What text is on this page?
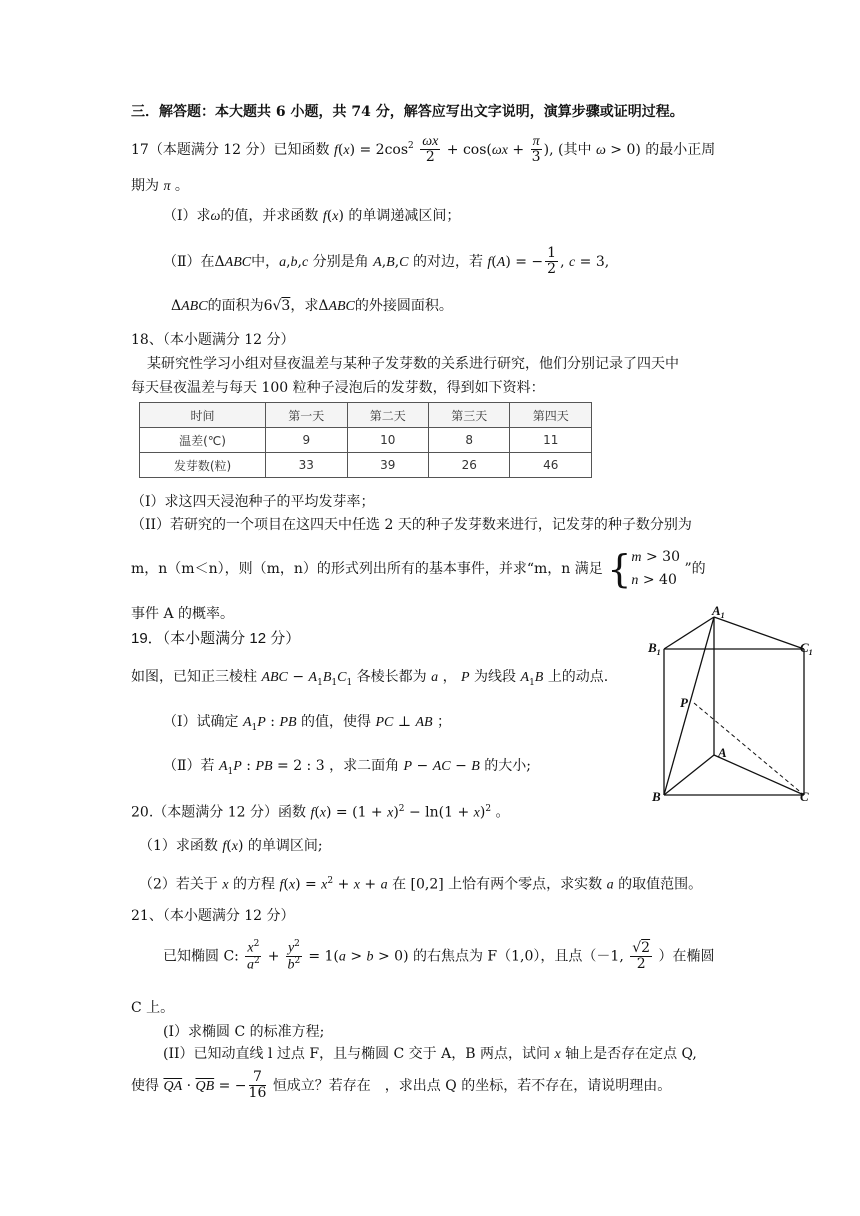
三．解答题：本大题共 6 小题，共 74 分，解答应写出文字说明，演算步骤或证明过程。
17（本题满分 12 分）已知函数 $f(x) = 2\cos^2 \frac{\omega x}{2} + \cos(\omega x + \frac{\pi}{3}$ ), (其中 ω > 0) 的最小正周
期为 π 。
（Ⅰ）求ω的值，并求函数 f(x) 的单调递减区间；
（Ⅱ）在ΔABC中，a,b,c 分别是角 A,B,C 的对边，若 f(A) = − $\frac{1}{2}$ , c = 3,
ΔABC的面积为6√3，求ΔABC的外接圆面积。
18、（本小题满分 12 分）
某研究性学习小组对昼夜温差与某种子发芽数的关系进行研究，他们分别记录了四天中
每天昼夜温差与每天 100 粒种子浸泡后的发芽数，得到如下资料：
时间	第一天	第二天	第三天	第四天
温差(℃)	9	10	8	11
发芽数(粒)	33	39	26	46
（I）求这四天浸泡种子的平均发芽率；
（II）若研究的一个项目在这四天中任选 2 天的种子发芽数来进行，记发芽的种子数分别为
m，n（m＜n），则（m，n）的形式列出所有的基本事件，并求“m，n 满足 {m > 30
n > 40 ”的
事件 A 的概率。
19．（本小题满分 12 分）
如图，已知正三棱柱 ABC − $A_1B_1C_1$ 各棱长都为 a ， P 为线段 $A_1B$ 上的动点.
（Ⅰ）试确定 $A_1P$ : PB 的值，使得 PC ⊥ AB ；
（Ⅱ）若 $A_1P$ : PB = 2 : 3 ，求二面角 P − AC − B 的大小;
$A_1$
$B_1$	$C_1$
P
A
B	C
20.（本题满分 12 分）函数 $f(x) = (1 + x)^2 - \ln(1 + x)^2$ 。
（1）求函数 f(x) 的单调区间;
（2）若关于 x 的方程 $f(x) = x^2 + x + a$ 在 [0,2] 上恰有两个零点，求实数 a 的取值范围。
21、（本小题满分 12 分）
已知椭圆 C: $\frac{x^2}{a^2} + \frac{y^2}{b^2} = 1(a > b > 0)$ 的右焦点为 F（1,0），且点（－1, $\frac{√2}{2}$ ）在椭圆
C 上。
(I）求椭圆 C 的标准方程;
(II）已知动直线 l 过点 F，且与椭圆 C 交于 A，B 两点，试问 x 轴上是否存在定点 Q,
使得 $\overline{QA} \cdot \overline{QB}$ = − $\frac{7}{16}$ 恒成立？若存在　，求出点 Q 的坐标，若不存在，请说明理由。
